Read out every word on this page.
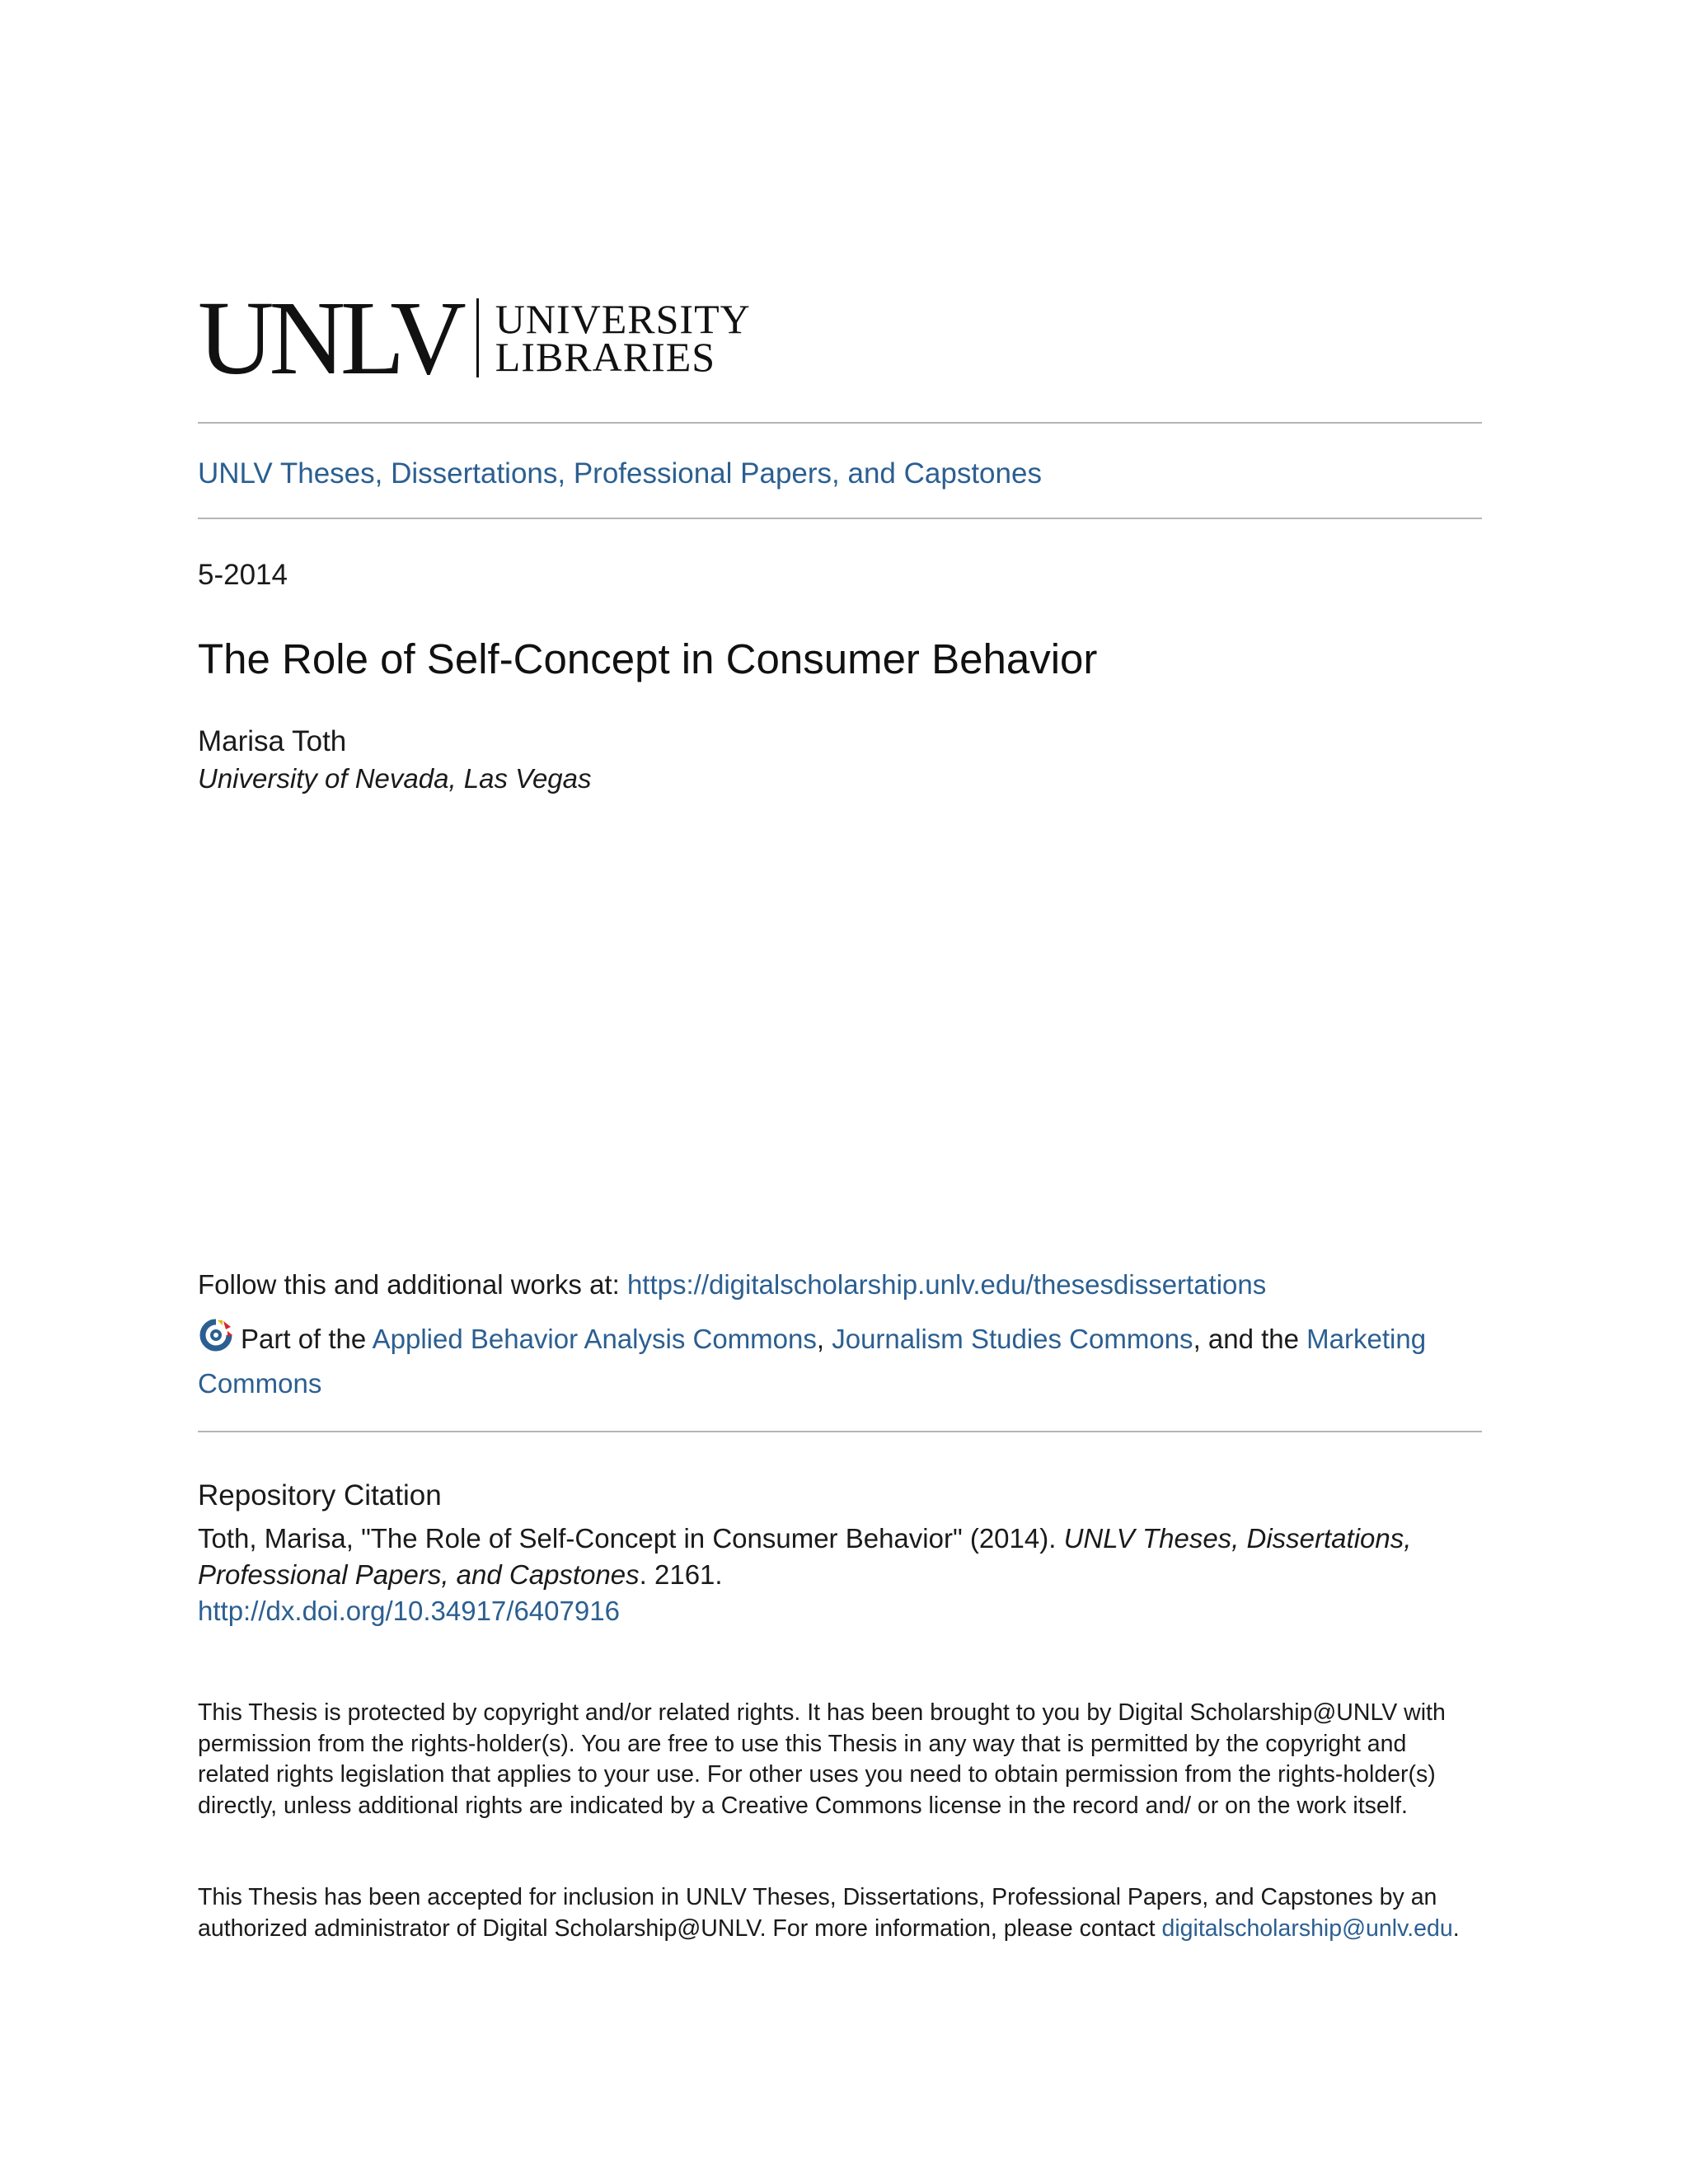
UNLV UNIVERSITY
LIBRARIES
UNLV Theses, Dissertations, Professional Papers, and Capstones
5-2014
The Role of Self-Concept in Consumer Behavior
Marisa Toth
University of Nevada, Las Vegas
Follow this and additional works at: https://digitalscholarship.unlv.edu/thesesdissertations
Part of the Applied Behavior Analysis Commons, Journalism Studies Commons, and the Marketing Commons
Repository Citation
Toth, Marisa, "The Role of Self-Concept in Consumer Behavior" (2014). UNLV Theses, Dissertations, Professional Papers, and Capstones. 2161.
http://dx.doi.org/10.34917/6407916
This Thesis is protected by copyright and/or related rights. It has been brought to you by Digital Scholarship@UNLV with permission from the rights-holder(s). You are free to use this Thesis in any way that is permitted by the copyright and related rights legislation that applies to your use. For other uses you need to obtain permission from the rights-holder(s) directly, unless additional rights are indicated by a Creative Commons license in the record and/ or on the work itself.
This Thesis has been accepted for inclusion in UNLV Theses, Dissertations, Professional Papers, and Capstones by an authorized administrator of Digital Scholarship@UNLV. For more information, please contact digitalscholarship@unlv.edu.
